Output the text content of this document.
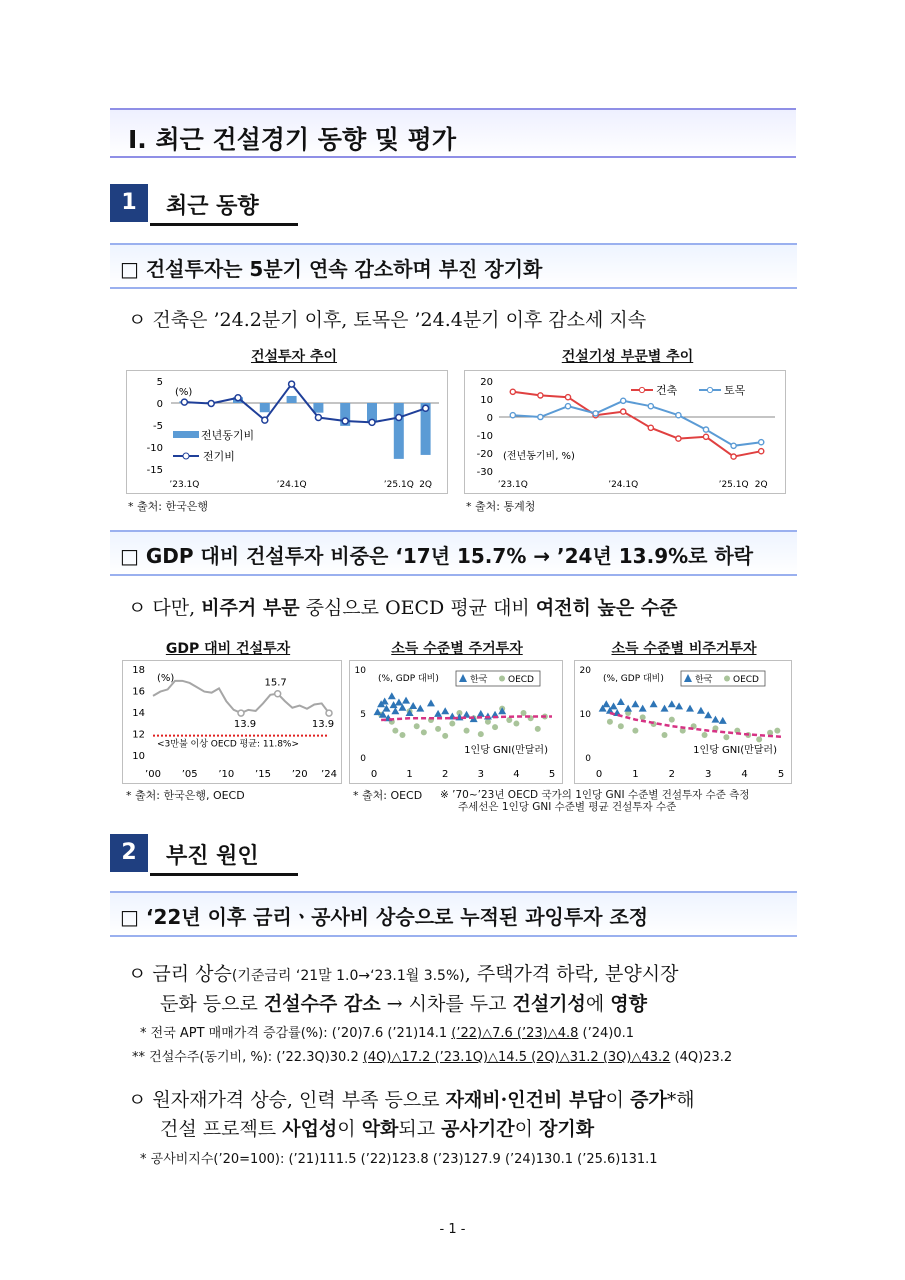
Ⅰ. 최근 건설경기 동향 및 평가
1	최근 동향
□ 건설투자는 5분기 연속 감소하며 부진 장기화
ㅇ 건축은 ’24.2분기 이후, 토목은 ’24.4분기 이후 감소세 지속
건설투자 추이	건설기성 부문별 추이
5
0
-5
-10
-15
(%)
전년동기비
전기비
’23.1Q	’24.1Q	’25.1Q 2Q
20
10
0
-10
-20
-30
건축	토목
(전년동기비, %)
’23.1Q	’24.1Q	’25.1Q 2Q
* 출처: 한국은행	* 출처: 통계청
□ GDP 대비 건설투자 비중은 ‘17년 15.7% → ’24년 13.9%로 하락
ㅇ 다만, 비주거 부문 중심으로 OECD 평균 대비 여전히 높은 수준
GDP 대비 건설투자	소득 수준별 주거투자	소득 수준별 비주거투자
18
16
14
12
10
(%)	15.7
13.9	13.9
<3만불 이상 OECD 평균: 11.8%>
’00 ’05 ’10 ’15 ’20 ’24
10
5
0
0	1	2	3	4	5
(%, GDP 대비)	한국 OECD
1인당 GNI(만달러)
20
10
0
0	1	2	3	4	5
(%, GDP 대비)	한국 OECD
1인당 GNI(만달러)
* 출처: 한국은행, OECD	* 출처: OECD ※ ’70~’23년 OECD 국가의 1인당 GNI 수준별 건설투자 수준 측정
주세선은 1인당 GNI 수준별 평균 건설투자 수준
2	부진 원인
□ ‘22년 이후 금리ㆍ공사비 상승으로 누적된 과잉투자 조정
ㅇ 금리 상승(기준금리 ‘21말 1.0→‘23.1월 3.5%), 주택가격 하락, 분양시장
둔화 등으로 건설수주 감소 → 시차를 두고 건설기성에 영향
* 전국 APT 매매가격 증감률(%): (’20)7.6 (’21)14.1 (’22)△7.6 (’23)△4.8 (’24)0.1
** 건설수주(동기비, %): (’22.3Q)30.2 (4Q)△17.2 (’23.1Q)△14.5 (2Q)△31.2 (3Q)△43.2 (4Q)23.2
ㅇ 원자재가격 상승, 인력 부족 등으로 자재비·인건비 부담이 증가*해
건설 프로젝트 사업성이 악화되고 공사기간이 장기화
* 공사비지수(’20=100): (’21)111.5 (’22)123.8 (’23)127.9 (’24)130.1 (’25.6)131.1
- 1 -
